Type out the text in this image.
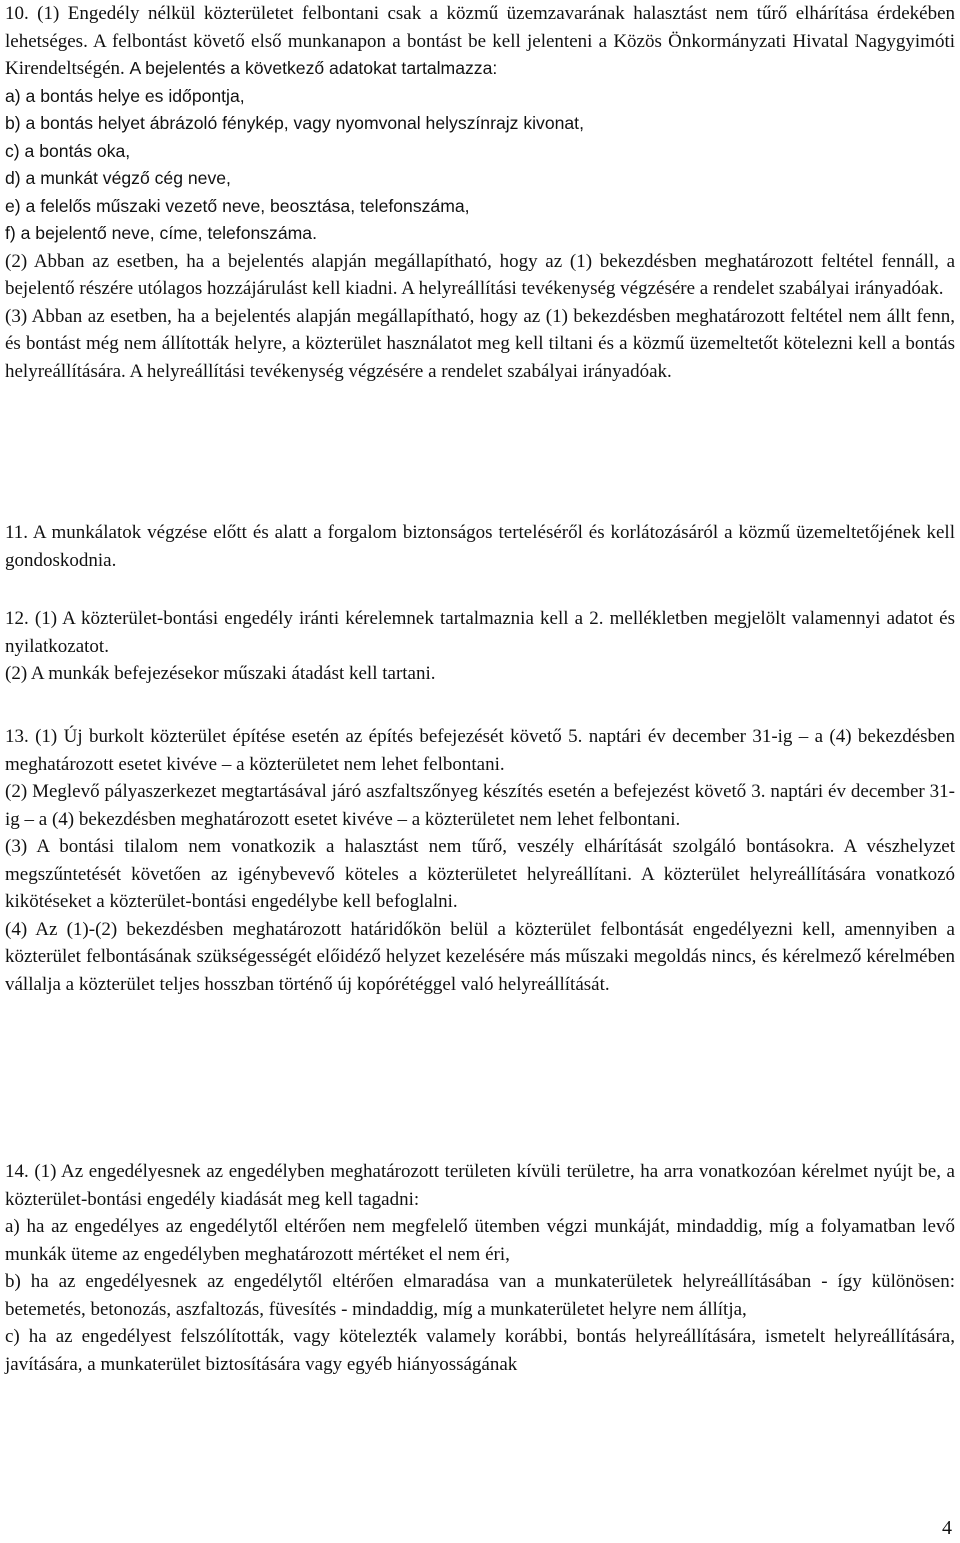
10. (1) Engedély nélkül közterületet felbontani csak a közmű üzemzavarának halasztást nem tűrő elhárítása érdekében lehetséges. A felbontást követő első munkanapon a bontást be kell jelenteni a Közös Önkormányzati Hivatal Nagygyimóti Kirendeltségén. A bejelentés a következő adatokat tartalmazza:

a) a bontás helye es időpontja,

b) a bontás helyet ábrázoló fénykép, vagy nyomvonal helyszínrajz kivonat,

c) a bontás oka,

d) a munkát végző cég neve,

e) a felelős műszaki vezető neve, beosztása, telefonszáma,

f) a bejelentő neve, címe, telefonszáma.

(2) Abban az esetben, ha a bejelentés alapján megállapítható, hogy az (1) bekezdésben meghatározott feltétel fennáll, a bejelentő részére utólagos hozzájárulást kell kiadni. A helyreállítási tevékenység végzésére a rendelet szabályai irányadóak.

(3) Abban az esetben, ha a bejelentés alapján megállapítható, hogy az (1) bekezdésben meghatározott feltétel nem állt fenn, és bontást még nem állították helyre, a közterület használatot meg kell tiltani és a közmű üzemeltetőt kötelezni kell a bontás helyreállítására. A helyreállítási tevékenység végzésére a rendelet szabályai irányadóak.

11. A munkálatok végzése előtt és alatt a forgalom biztonságos terteléséről és korlátozásáról a közmű üzemeltetőjének kell gondoskodnia.

12. (1) A közterület-bontási engedély iránti kérelemnek tartalmaznia kell a 2. mellékletben megjelölt valamennyi adatot és nyilatkozatot.

(2) A munkák befejezésekor műszaki átadást kell tartani.

13. (1) Új burkolt közterület építése esetén az építés befejezését követő 5. naptári év december 31-ig – a (4) bekezdésben meghatározott esetet kivéve – a közterületet nem lehet felbontani.

(2) Meglevő pályaszerkezet megtartásával járó aszfaltszőnyeg készítés esetén a befejezést követő 3. naptári év december 31-ig – a (4) bekezdésben meghatározott esetet kivéve – a közterületet nem lehet felbontani.

(3) A bontási tilalom nem vonatkozik a halasztást nem tűrő, veszély elhárítását szolgáló bontásokra. A vészhelyzet megszűntetését követően az igénybevevő köteles a közterületet helyreállítani. A közterület helyreállítására vonatkozó kikötéseket a közterület-bontási engedélybe kell befoglalni.

(4) Az (1)-(2) bekezdésben meghatározott határidőkön belül a közterület felbontását engedélyezni kell, amennyiben a közterület felbontásának szükségességét előidéző helyzet kezelésére más műszaki megoldás nincs, és kérelmező kérelmében vállalja a közterület teljes hosszban történő új kopórétéggel való helyreállítását.

14. (1) Az engedélyesnek az engedélyben meghatározott területen kívüli területre, ha arra vonatkozóan kérelmet nyújt be, a közterület-bontási engedély kiadását meg kell tagadni:

a) ha az engedélyes az engedélytől eltérően nem megfelelő ütemben végzi munkáját, mindaddig, míg a folyamatban levő munkák üteme az engedélyben meghatározott mértéket el nem éri,

b) ha az engedélyesnek az engedélytől eltérően elmaradása van a munkaterületek helyreállításában - így különösen: betemetés, betonozás, aszfaltozás, füvesítés - mindaddig, míg a munkaterületet helyre nem állítja,

c) ha az engedélyest felszólították, vagy kötelezték valamely korábbi, bontás helyreállítására, ismetelt helyreállítására, javítására, a munkaterület biztosítására vagy egyéb hiányosságának

4
